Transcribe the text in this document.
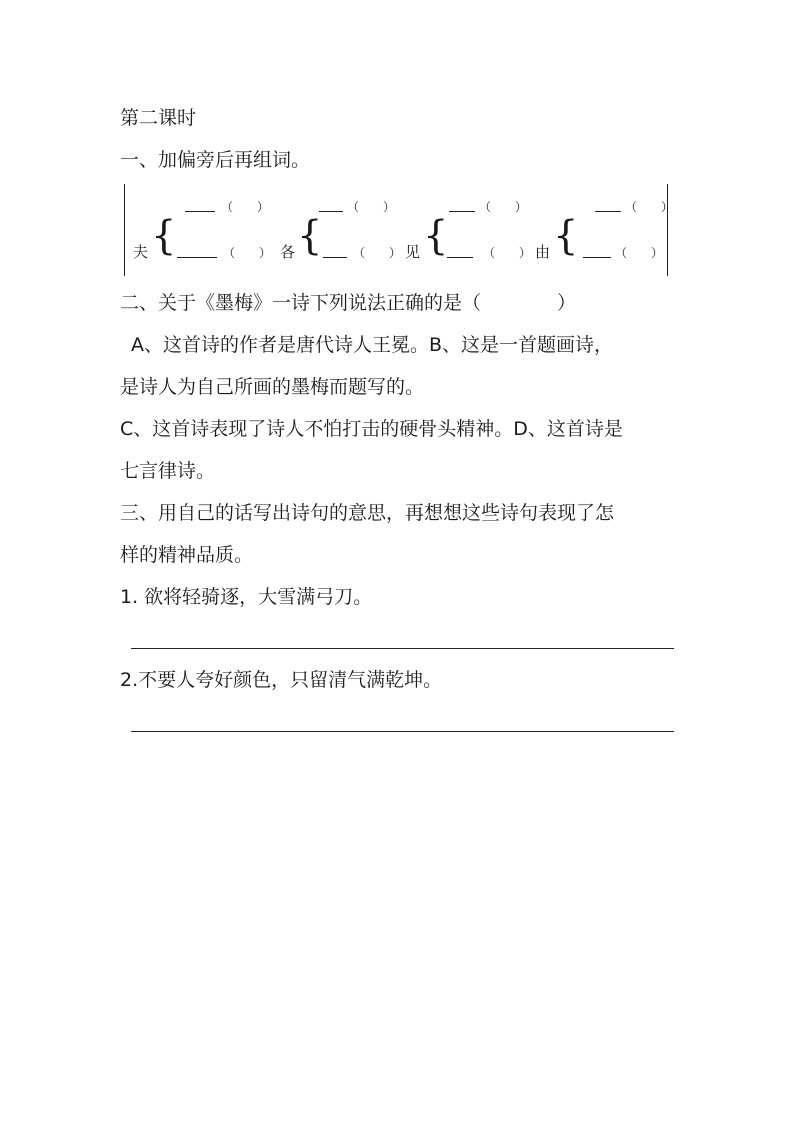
第二课时
一、加偏旁后再组词。
夫 {
（　　）
（　　） 各 {
（　　）
（　　） 见 {
（　　）
（　　） 由 {
（　　）
（　　）
二、关于《墨梅》一诗下列说法正确的是（　　　　）
A、这首诗的作者是唐代诗人王冕。B、这是一首题画诗，
是诗人为自己所画的墨梅而题写的。
C、这首诗表现了诗人不怕打击的硬骨头精神。D、这首诗是
七言律诗。
三、用自己的话写出诗句的意思，再想想这些诗句表现了怎
样的精神品质。
1. 欲将轻骑逐，大雪满弓刀。
2.不要人夸好颜色，只留清气满乾坤。
